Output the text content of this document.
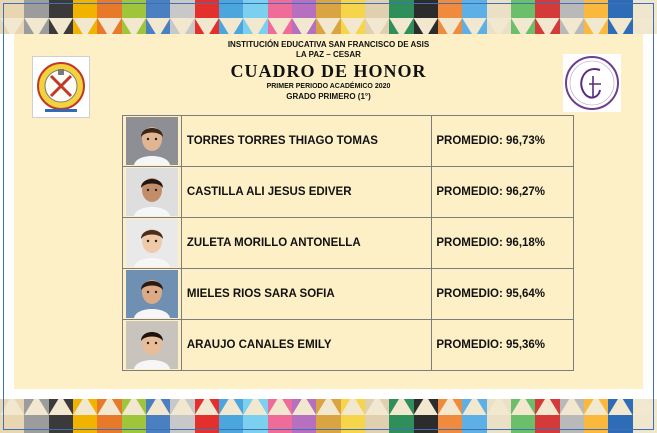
INSTITUCIÓN EDUCATIVA SAN FRANCISCO DE ASIS
LA PAZ – CESAR
CUADRO DE HONOR
PRIMER PERIODO ACADÉMICO 2020
GRADO PRIMERO (1°)
	TORRES TORRES THIAGO TOMAS	PROMEDIO: 96,73%

	CASTILLA ALI JESUS EDIVER	PROMEDIO: 96,27%

	ZULETA MORILLO ANTONELLA	PROMEDIO: 96,18%

	MIELES RIOS SARA SOFIA	PROMEDIO: 95,64%

	ARAUJO CANALES EMILY	PROMEDIO: 95,36%
